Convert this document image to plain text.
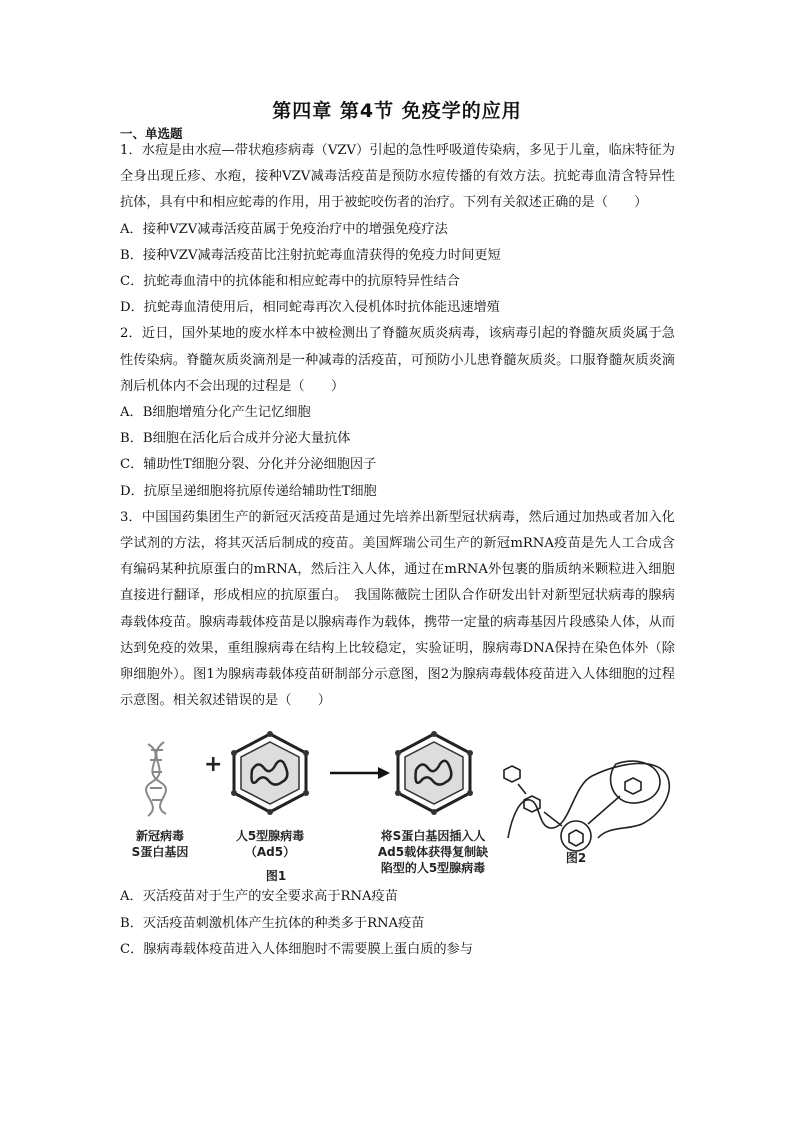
第四章 第4节 免疫学的应用
一、单选题

1．水痘是由水痘—带状疱疹病毒（VZV）引起的急性呼吸道传染病，多见于儿童，临床特征为全身出现丘疹、水疱，接种VZV减毒活疫苗是预防水痘传播的有效方法。抗蛇毒血清含特异性抗体，具有中和相应蛇毒的作用，用于被蛇咬伤者的治疗。下列有关叙述正确的是（　　）

A．接种VZV减毒活疫苗属于免疫治疗中的增强免疫疗法

B．接种VZV减毒活疫苗比注射抗蛇毒血清获得的免疫力时间更短

C．抗蛇毒血清中的抗体能和相应蛇毒中的抗原特异性结合

D．抗蛇毒血清使用后，相同蛇毒再次入侵机体时抗体能迅速增殖

2．近日，国外某地的废水样本中被检测出了脊髓灰质炎病毒，该病毒引起的脊髓灰质炎属于急性传染病。脊髓灰质炎滴剂是一种减毒的活疫苗，可预防小儿患脊髓灰质炎。口服脊髓灰质炎滴剂后机体内不会出现的过程是（　　）

A．B细胞增殖分化产生记忆细胞

B．B细胞在活化后合成并分泌大量抗体

C．辅助性T细胞分裂、分化并分泌细胞因子

D．抗原呈递细胞将抗原传递给辅助性T细胞

3．中国国药集团生产的新冠灭活疫苗是通过先培养出新型冠状病毒，然后通过加热或者加入化学试剂的方法，将其灭活后制成的疫苗。美国辉瑞公司生产的新冠mRNA疫苗是先人工合成含有编码某种抗原蛋白的mRNA，然后注入人体，通过在mRNA外包裹的脂质纳米颗粒进入细胞直接进行翻译，形成相应的抗原蛋白。　我国陈薇院士团队合作研发出针对新型冠状病毒的腺病毒载体疫苗。腺病毒载体疫苗是以腺病毒作为载体，携带一定量的病毒基因片段感染人体，从而达到免疫的效果，重组腺病毒在结构上比较稳定，实验证明，腺病毒DNA保持在染色体外（除卵细胞外）。图1为腺病毒载体疫苗研制部分示意图，图2为腺病毒载体疫苗进入人体细胞的过程示意图。相关叙述错误的是（　　）

+
新冠病毒
S蛋白基因
人5型腺病毒
（Ad5）
将S蛋白基因插入人
Ad5载体获得复制缺
陷型的人5型腺病毒
图1
图2

A．灭活疫苗对于生产的安全要求高于RNA疫苗

B．灭活疫苗刺激机体产生抗体的种类多于RNA疫苗

C．腺病毒载体疫苗进入人体细胞时不需要膜上蛋白质的参与
